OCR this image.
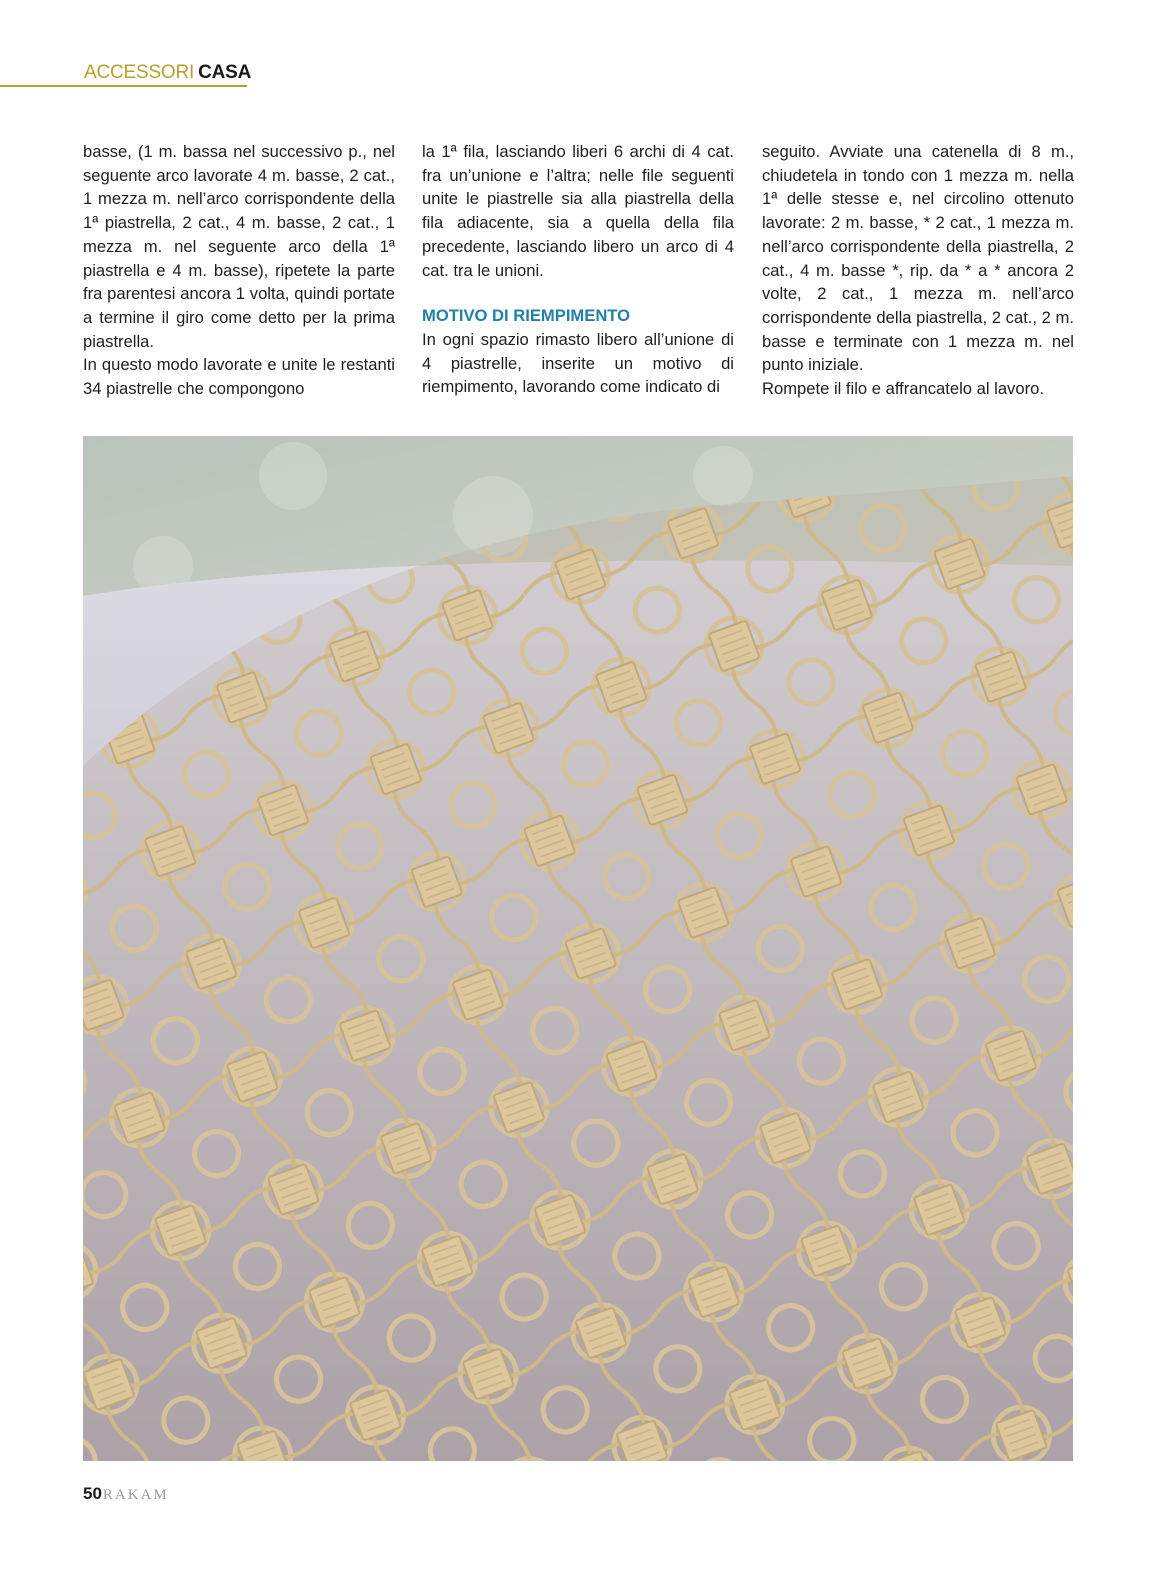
ACCESSORI CASA

basse, (1 m. bassa nel successivo p., nel seguente arco lavorate 4 m. basse, 2 cat., 1 mezza m. nell’arco corrispondente della 1ª piastrella, 2 cat., 4 m. basse, 2 cat., 1 mezza m. nel seguente arco della 1ª piastrella e 4 m. basse), ripetete la parte fra parentesi ancora 1 volta, quindi portate a termine il giro come detto per la prima piastrella.

In questo modo lavorate e unite le restanti 34 piastrelle che compongono

la 1ª fila, lasciando liberi 6 archi di 4 cat. fra un’unione e l’altra; nelle file seguenti unite le piastrelle sia alla piastrella della fila adiacente, sia a quella della fila precedente, lasciando libero un arco di 4 cat. tra le unioni.

MOTIVO DI RIEMPIMENTO

In ogni spazio rimasto libero all’unione di 4 piastrelle, inserite un motivo di riempimento, lavorando come indicato di

seguito. Avviate una catenella di 8 m., chiudetela in tondo con 1 mezza m. nella 1ª delle stesse e, nel circolino ottenuto lavorate: 2 m. basse, * 2 cat., 1 mezza m. nell’arco corrispondente della piastrella, 2 cat., 4 m. basse *, rip. da * a * ancora 2 volte, 2 cat., 1 mezza m. nell’arco corrispondente della piastrella, 2 cat., 2 m. basse e terminate con 1 mezza m. nel punto iniziale.

Rompete il filo e affrancatelo al lavoro.

50RAKAM
